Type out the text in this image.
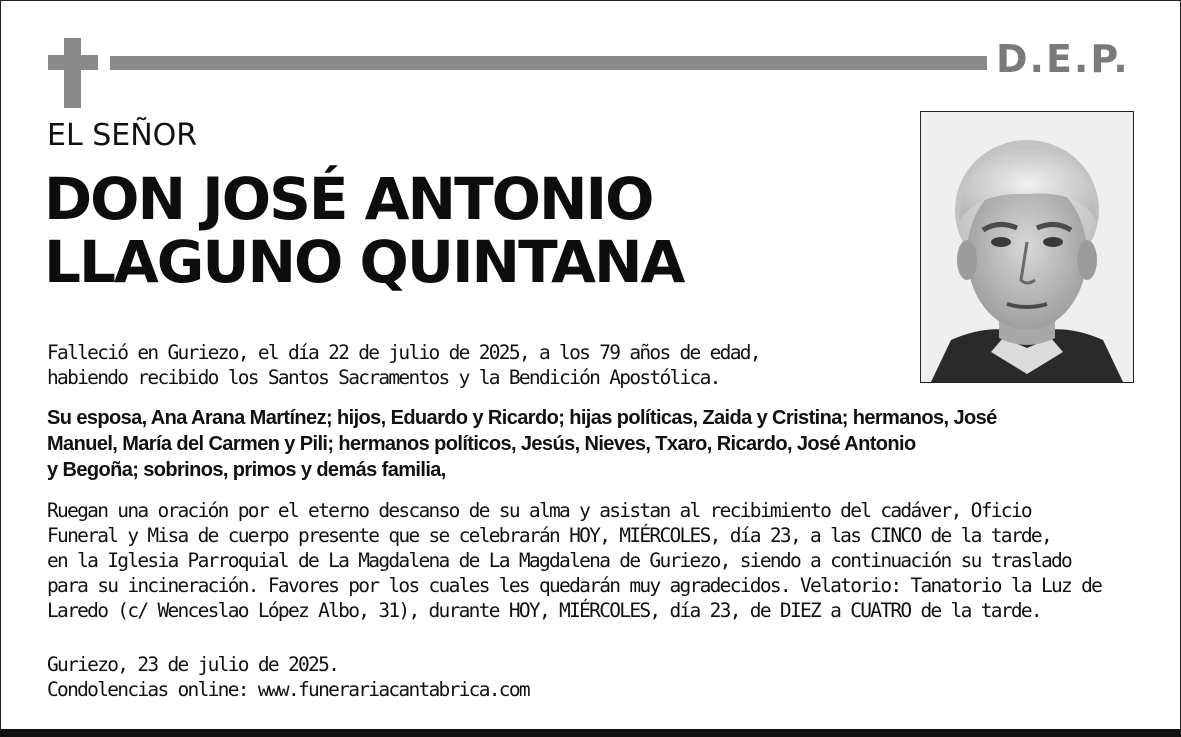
D.E.P.
EL SEÑOR
DON JOSÉ ANTONIO
LLAGUNO QUINTANA
Falleció en Guriezo, el día 22 de julio de 2025, a los 79 años de edad,
habiendo recibido los Santos Sacramentos y la Bendición Apostólica.
Su esposa, Ana Arana Martínez; hijos, Eduardo y Ricardo; hijas políticas, Zaida y Cristina; hermanos, José
Manuel, María del Carmen y Pili; hermanos políticos, Jesús, Nieves, Txaro, Ricardo, José Antonio
y Begoña; sobrinos, primos y demás familia,
Ruegan una oración por el eterno descanso de su alma y asistan al recibimiento del cadáver, Oficio
Funeral y Misa de cuerpo presente que se celebrarán HOY, MIÉRCOLES, día 23, a las CINCO de la tarde,
en la Iglesia Parroquial de La Magdalena de La Magdalena de Guriezo, siendo a continuación su traslado
para su incineración. Favores por los cuales les quedarán muy agradecidos. Velatorio: Tanatorio la Luz de
Laredo (c/ Wenceslao López Albo, 31), durante HOY, MIÉRCOLES, día 23, de DIEZ a CUATRO de la tarde.
Guriezo, 23 de julio de 2025.
Condolencias online: www.funerariacantabrica.com
